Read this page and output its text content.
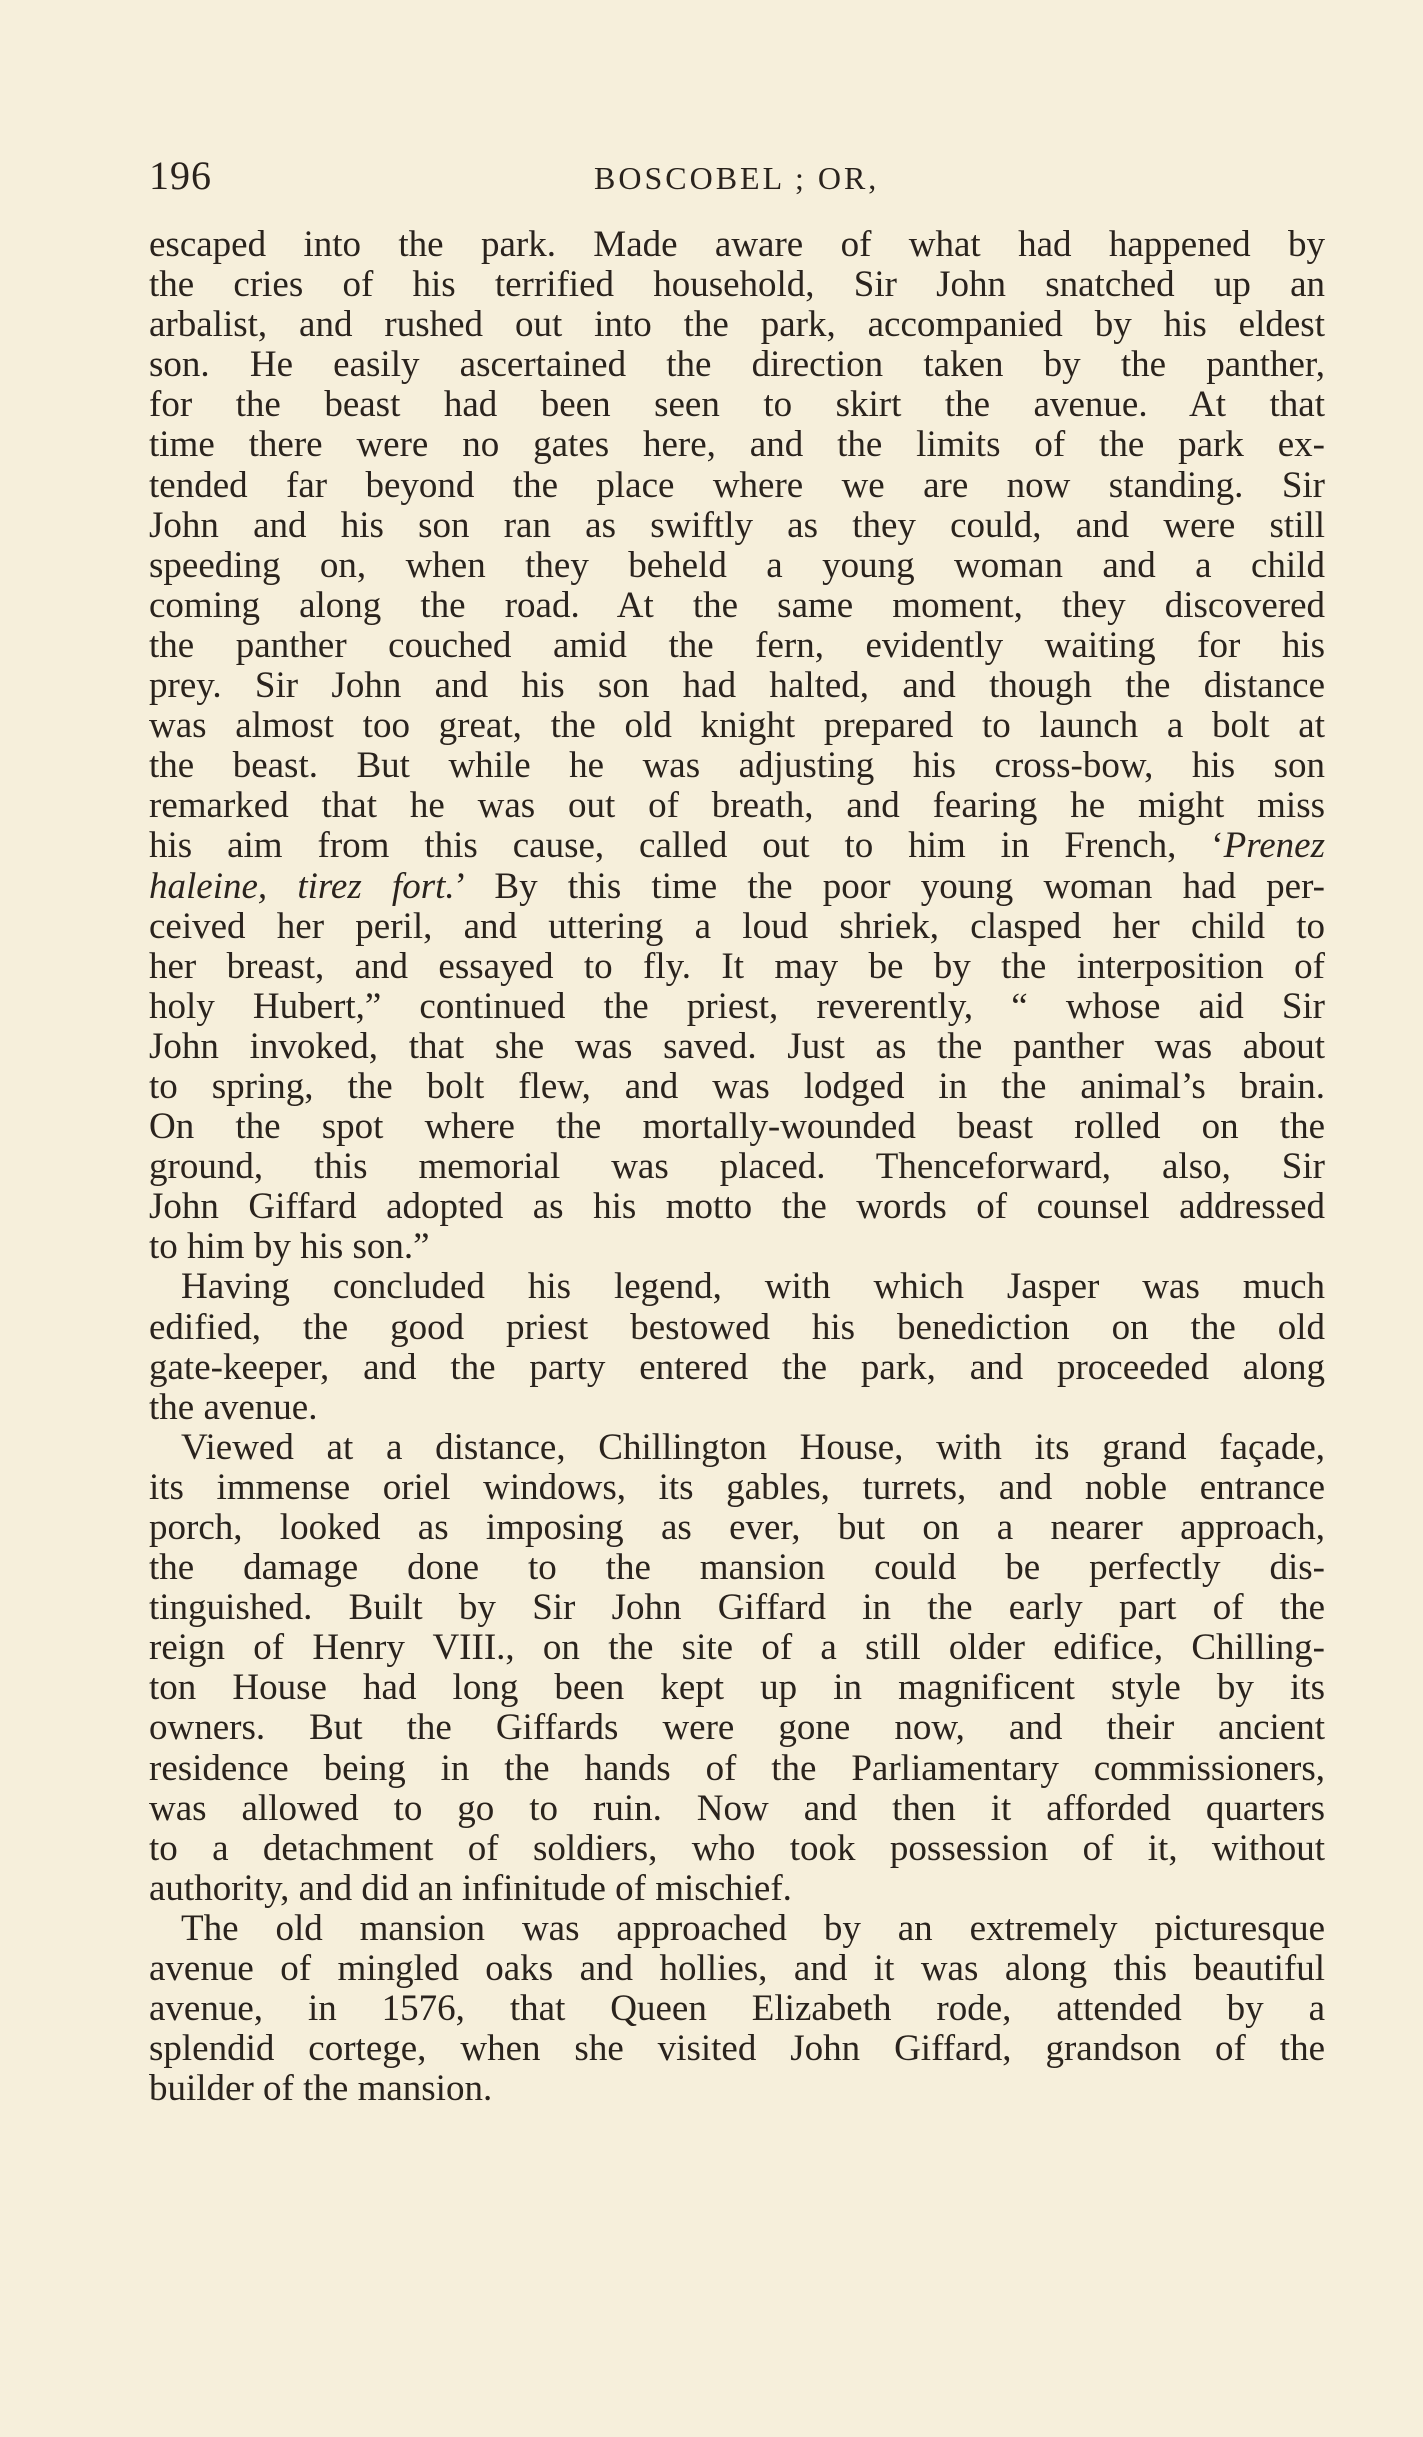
196	BOSCOBEL ; OR,
escaped into the park. Made aware of what had happened by
the cries of his terrified household, Sir John snatched up an
arbalist, and rushed out into the park, accompanied by his eldest
son. He easily ascertained the direction taken by the panther,
for the beast had been seen to skirt the avenue. At that
time there were no gates here, and the limits of the park ex-
tended far beyond the place where we are now standing. Sir
John and his son ran as swiftly as they could, and were still
speeding on, when they beheld a young woman and a child
coming along the road. At the same moment, they discovered
the panther couched amid the fern, evidently waiting for his
prey. Sir John and his son had halted, and though the distance
was almost too great, the old knight prepared to launch a bolt at
the beast. But while he was adjusting his cross-bow, his son
remarked that he was out of breath, and fearing he might miss
his aim from this cause, called out to him in French, ‘Prenez
haleine, tirez fort.’ By this time the poor young woman had per-
ceived her peril, and uttering a loud shriek, clasped her child to
her breast, and essayed to fly. It may be by the interposition of
holy Hubert,” continued the priest, reverently, “ whose aid Sir
John invoked, that she was saved. Just as the panther was about
to spring, the bolt flew, and was lodged in the animal’s brain.
On the spot where the mortally-wounded beast rolled on the
ground, this memorial was placed. Thenceforward, also, Sir
John Giffard adopted as his motto the words of counsel addressed
to him by his son.”
Having concluded his legend, with which Jasper was much
edified, the good priest bestowed his benediction on the old
gate-keeper, and the party entered the park, and proceeded along
the avenue.
Viewed at a distance, Chillington House, with its grand façade,
its immense oriel windows, its gables, turrets, and noble entrance
porch, looked as imposing as ever, but on a nearer approach,
the damage done to the mansion could be perfectly dis-
tinguished. Built by Sir John Giffard in the early part of the
reign of Henry VIII., on the site of a still older edifice, Chilling-
ton House had long been kept up in magnificent style by its
owners. But the Giffards were gone now, and their ancient
residence being in the hands of the Parliamentary commissioners,
was allowed to go to ruin. Now and then it afforded quarters
to a detachment of soldiers, who took possession of it, without
authority, and did an infinitude of mischief.
The old mansion was approached by an extremely picturesque
avenue of mingled oaks and hollies, and it was along this beautiful
avenue, in 1576, that Queen Elizabeth rode, attended by a
splendid cortege, when she visited John Giffard, grandson of the
builder of the mansion.
